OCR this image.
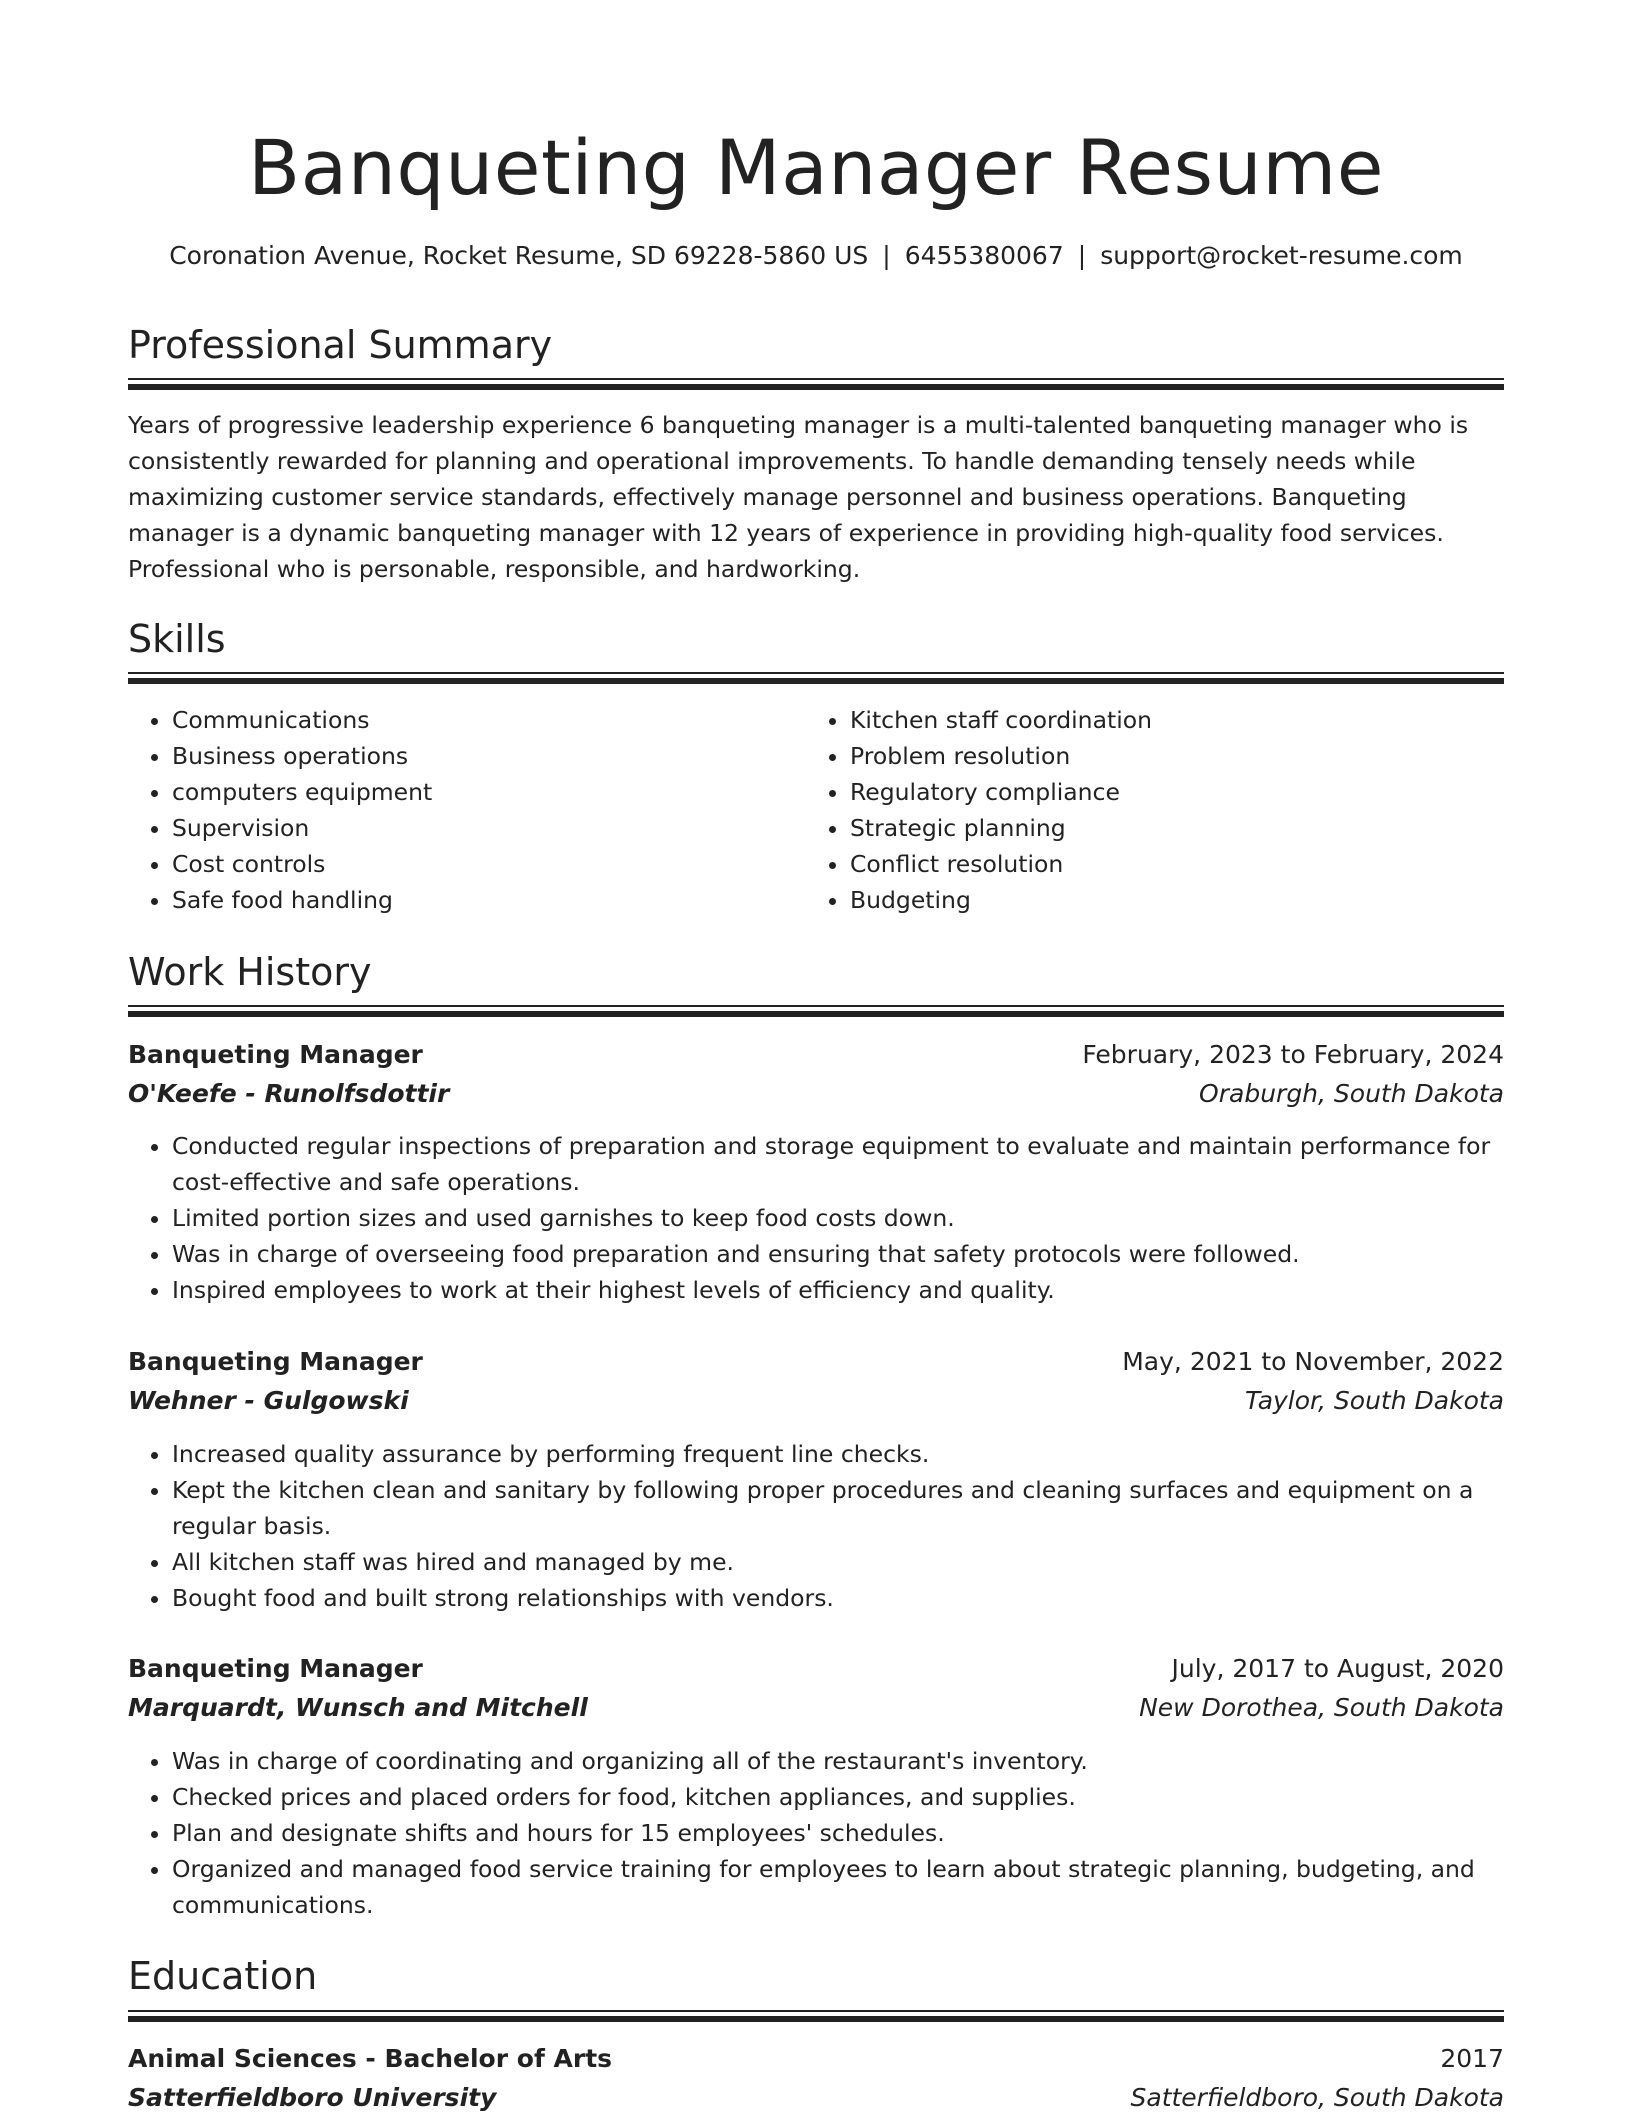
Banqueting Manager Resume
Coronation Avenue, Rocket Resume, SD 69228-5860 US | 6455380067 | support@rocket-resume.com
Professional Summary

Years of progressive leadership experience 6 banqueting manager is a multi-talented banqueting manager who is consistently rewarded for planning and operational improvements. To handle demanding tensely needs while maximizing customer service standards, effectively manage personnel and business operations. Banqueting manager is a dynamic banqueting manager with 12 years of experience in providing high-quality food services. Professional who is personable, responsible, and hardworking.

Skills
• Communications
• Business operations
• computers equipment
• Supervision
• Cost controls
• Safe food handling
• Kitchen staff coordination
• Problem resolution
• Regulatory compliance
• Strategic planning
• Conflict resolution
• Budgeting
Work History
Banqueting Manager	February, 2023 to February, 2024
O'Keefe - Runolfsdottir	Oraburgh, South Dakota
• Conducted regular inspections of preparation and storage equipment to evaluate and maintain performance for cost-effective and safe operations.
• Limited portion sizes and used garnishes to keep food costs down.
• Was in charge of overseeing food preparation and ensuring that safety protocols were followed.
• Inspired employees to work at their highest levels of efficiency and quality.
Banqueting Manager	May, 2021 to November, 2022
Wehner - Gulgowski	Taylor, South Dakota
• Increased quality assurance by performing frequent line checks.
• Kept the kitchen clean and sanitary by following proper procedures and cleaning surfaces and equipment on a regular basis.
• All kitchen staff was hired and managed by me.
• Bought food and built strong relationships with vendors.
Banqueting Manager	July, 2017 to August, 2020
Marquardt, Wunsch and Mitchell	New Dorothea, South Dakota
• Was in charge of coordinating and organizing all of the restaurant's inventory.
• Checked prices and placed orders for food, kitchen appliances, and supplies.
• Plan and designate shifts and hours for 15 employees' schedules.
• Organized and managed food service training for employees to learn about strategic planning, budgeting, and communications.
Education
Animal Sciences - Bachelor of Arts	2017
Satterfieldboro University	Satterfieldboro, South Dakota
